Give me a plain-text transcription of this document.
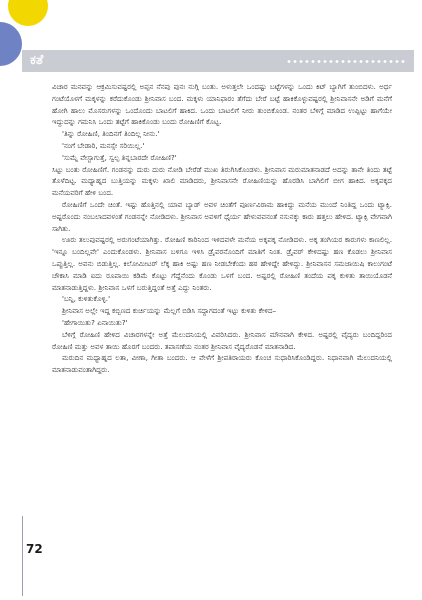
ಕತೆ

ವಿಚಾರ ಮನವನ್ನು ಆಕ್ರಮಿಸುವಷ್ಟರಲ್ಲಿ ಅಪ್ಪನ ನೆನಪು ಪುನಃ ನುಗ್ಗಿ ಬಂತು. ಅಳುತ್ತಲೇ ಒಂದಷ್ಟು ಬಟ್ಟೆಗಳನ್ನು ಒಂದು ಕಿಟ್ ಬ್ಯಾಗಿಗೆ ತುಂಬಿದಳು. ಅರ್ಧ ಗಂಟೆಯೊಳಗೆ ಮಕ್ಕಳನ್ನು ಕರೆದುಕೊಂಡು ಶ್ರೀನಿವಾಸ ಬಂದ. ಮಕ್ಕಳು ಯಾನಿಫಾರಂ ತೆಗೆದು ಬೇರೆ ಬಟ್ಟೆ ಹಾಕಿಕೊಳ್ಳುವಷ್ಟರಲ್ಲಿ ಶ್ರೀನಿವಾಸನೇ ಅಡಿಗೆ ಮನೆಗೆ ಹೋಗಿ ಹಾಲು ಮೊಸರುಗಳನ್ನು ಒಂದೊಂದು ಬಾಟಲಿಗೆ ಹಾಕಿದ. ಒಂದು ಬಾಟಲಿಗೆ ನೀರು ತುಂಬಿಕೊಂಡ. ನಂತರ ಬೆಳಿಗ್ಗೆ ಮಾಡಿದ ಉಪ್ಪಿಟ್ಟು ಹಾಗೆಯೇ ಇದ್ದುದನ್ನು ಗಮನಿಸಿ ಒಂದು ತಟ್ಟೆಗೆ ಹಾಕಿಕೊಂಡು ಬಂದು ರೋಹಿಣಿಗೆ ಕೊಟ್ಟ.

'ತಿನ್ನು ರೋಹಿಣಿ, ತಿಂದಿನಗೆ ತಿಂದಿಲ್ಲ ನೀನು.'

'ನಂಗೆ ಬೇಡಾರಿ, ಮನಸ್ಸೇ ಸರಿಯಿಲ್ಲ.'

'ಸುಮ್ನೆ ವೇಸ್ಟಾಗುತ್ತೆ, ಸ್ವಲ್ಪ ತಿನ್ನಬಾರದೇ ರೋಹಿಣಿ?'

ಸಿಟ್ಟು ಬಂತು ರೋಹಿಣಿಗೆ. ಗಂಡನನ್ನು ದುರು ದುರು ನೋಡಿ ಬೇರೆಡೆ ಮುಖ ತಿರುಗಿಸಿಕೊಂಡಳು. ಶ್ರೀನಿವಾಸ ಮರುಮಾತನಾಡದೆ ಅದನ್ನು ತಾನೇ ತಿಂದು ತಟ್ಟೆ ತೊಳೆದಿಟ್ಟ. ಮಧ್ಯಾಹ್ನದ ಬುತ್ತಿಯನ್ನು ಮಕ್ಕಳು ಖಾಲಿ ಮಾಡಿದರು, ಶ್ರೀನಿವಾಸನೇ ರೋಹಿಣಿಯನ್ನು ಹೊರಡಿಸಿ ಬಾಗಿಲಿಗೆ ಬೀಗ ಹಾಕಿದ. ಅಕ್ಕಪಕ್ಕದ ಮನೆಯವರಿಗೆ ಹೇಳಿ ಬಂದ.

ರೋಹಿಣಿಗೆ ಒಂದೇ ಚಿಂತೆ. ಇಷ್ಟು ಹೊತ್ತಿನಲ್ಲಿ ಯಾವ ಬ್ಯಾಡ್ ಅವಳ ಚಿಂತೆಗೆ ಪೂರ್ಣವಿರಾಮ ಹಾಕಿದ್ದು ಮನೆಯ ಮುಂದೆ ನಿಂತಿದ್ದ ಒಂದು ಟ್ಯಾಕ್ಸಿ. ಅಷ್ಟರೊಂದು ನಂಬಲಾದವಳಂತೆ ಗಂಡನನ್ನೇ ನೋಡಿದಳು. ಶ್ರೀನಿವಾಸ ಅವಳಿಗೆ ಧೈರ್ಯ ಹೇಳುವವನಂತೆ ನಸುನಕ್ಕು ಕಾರು ಹತ್ತಲು ಹೇಳಿದ. ಟ್ಯಾಕ್ಸಿ ವೇಗವಾಗಿ ಸಾಗಿತು.

ಊರು ತಲುಪುವಷ್ಟರಲ್ಲಿ ಅರುಗಂಟೆಯಾಗಿತ್ತು. ರೋಹಿಣಿ ಕಾರಿನಿಂದ ಇಳಿದವಳೇ ಮನೆಯ ಅಕ್ಕಪಕ್ಕ ನೋಡಿದಳು. ಅಕ್ಕ ತಂಗಿಯರ ಕಾರುಗಳು ಕಾಣಲಿಲ್ಲ. 'ಇನ್ನೂ ಬಂದಿಲ್ಲವೇ' ಎಂದುಕೊಂಡಳು. ಶ್ರೀನಿವಾಸ ಬಳಿಗೂ ಇಳಿಸಿ ಡ್ರೈವರನೊಂದಿಗೆ ಮಾತಿಗೆ ನಿಂತ. ಡ್ರೈವರ್ ಕೇಳಿದಷ್ಟು ಹಣ ಕೊಡಲು ಶ್ರೀನಿವಾಸ ಒಪ್ಪುತ್ತಿಲ್ಲ. ಅವನು ಬಿಡುತ್ತಿಲ್ಲ. ಕಿಲೋಮೀಟರ್ ಲೆಕ್ಕ ಹಾಕಿ ಅಷ್ಟು ಹಣ ನೀಡಬೇಕೆಂದು ಹಠ ಹೇಳಿದ್ದೇ ಹೇಳಿದ್ದು. ಶ್ರೀನಿವಾಸನ ಸಮಜಾಯಿಷಿ ಕಾಲುಗಂಟೆ ಚೌಕಾಸಿ ಮಾಡಿ ಐದು ರೂಪಾಯಿ ಕಡಿಮೆ ಕೊಟ್ಟು ಗೆದ್ದೆನೆಂದು ಕೊಂಡು ಒಳಗೆ ಬಂದ. ಅಷ್ಟರಲ್ಲಿ ರೋಹಿಣಿ ತಂದೆಯ ಪಕ್ಕ ಕುಳಿತು ತಾಯಿಯೊಡನೆ ಮಾತನಾಡುತ್ತಿದ್ದಳು. ಶ್ರೀನಿವಾಸ ಒಳಗೆ ಬರುತ್ತಿದ್ದಂತೆ ಅತ್ತೆ ಎದ್ದು ನಿಂತರು.

'ಬನ್ನಿ, ಕುಳಿತುಕೊಳ್ಳಿ.'

ಶ್ರೀನಿವಾಸ ಅಲ್ಲೇ ಇದ್ದ ಕಬ್ಬಿಣದ ಕುರ್ಚಿಯನ್ನು ಮೆಲ್ಲಗೆ ಬಿಡಿಸಿ ಸದ್ದಾಗದಂತೆ ಇಟ್ಟು ಕುಳಿತು ಕೇಳಿದ–

'ಹೇಗಾಯಿತು? ಏನಾಯಿತು?'

ಬೆಳಿಗ್ಗೆ ರೋಹಿಣಿ ಹೇಳಿದ ವಿಚಾರಗಳನ್ನೇ ಅತ್ತೆ ಮೆಲುದನಿಯಲ್ಲಿ ವಿವರಿಸಿದರು. ಶ್ರೀನಿವಾಸ ಮೌನವಾಗಿ ಕೇಳಿದ. ಅಷ್ಟರಲ್ಲಿ ವೈದ್ಯರು ಬಂದಿದ್ದರಿಂದ ರೋಹಿಣಿ ಮತ್ತು ಅವಳ ತಾಯಿ ಹೊರಗೆ ಬಂದರು. ತಪಾಸಣೆಯ ನಂತರ ಶ್ರೀನಿವಾಸ ವೈದ್ಯರೊಡನೆ ಮಾತನಾಡಿದ.

ಮರುದಿನ ಮಧ್ಯಾಹ್ನದ ಲತಾ, ವೀಣಾ, ಗೀತಾ ಬಂದರು. ಆ ವೇಳೆಗೆ ಶ್ರೀಪತಿರಾಯರು ಕೊಂಚ ಸುಧಾರಿಸಿಕೊಂಡಿದ್ದರು. ನಿಧಾನವಾಗಿ ಮೆಲುದನಿಯಲ್ಲಿ ಮಾತನಾಡುವಂತಾಗಿದ್ದರು.

72
